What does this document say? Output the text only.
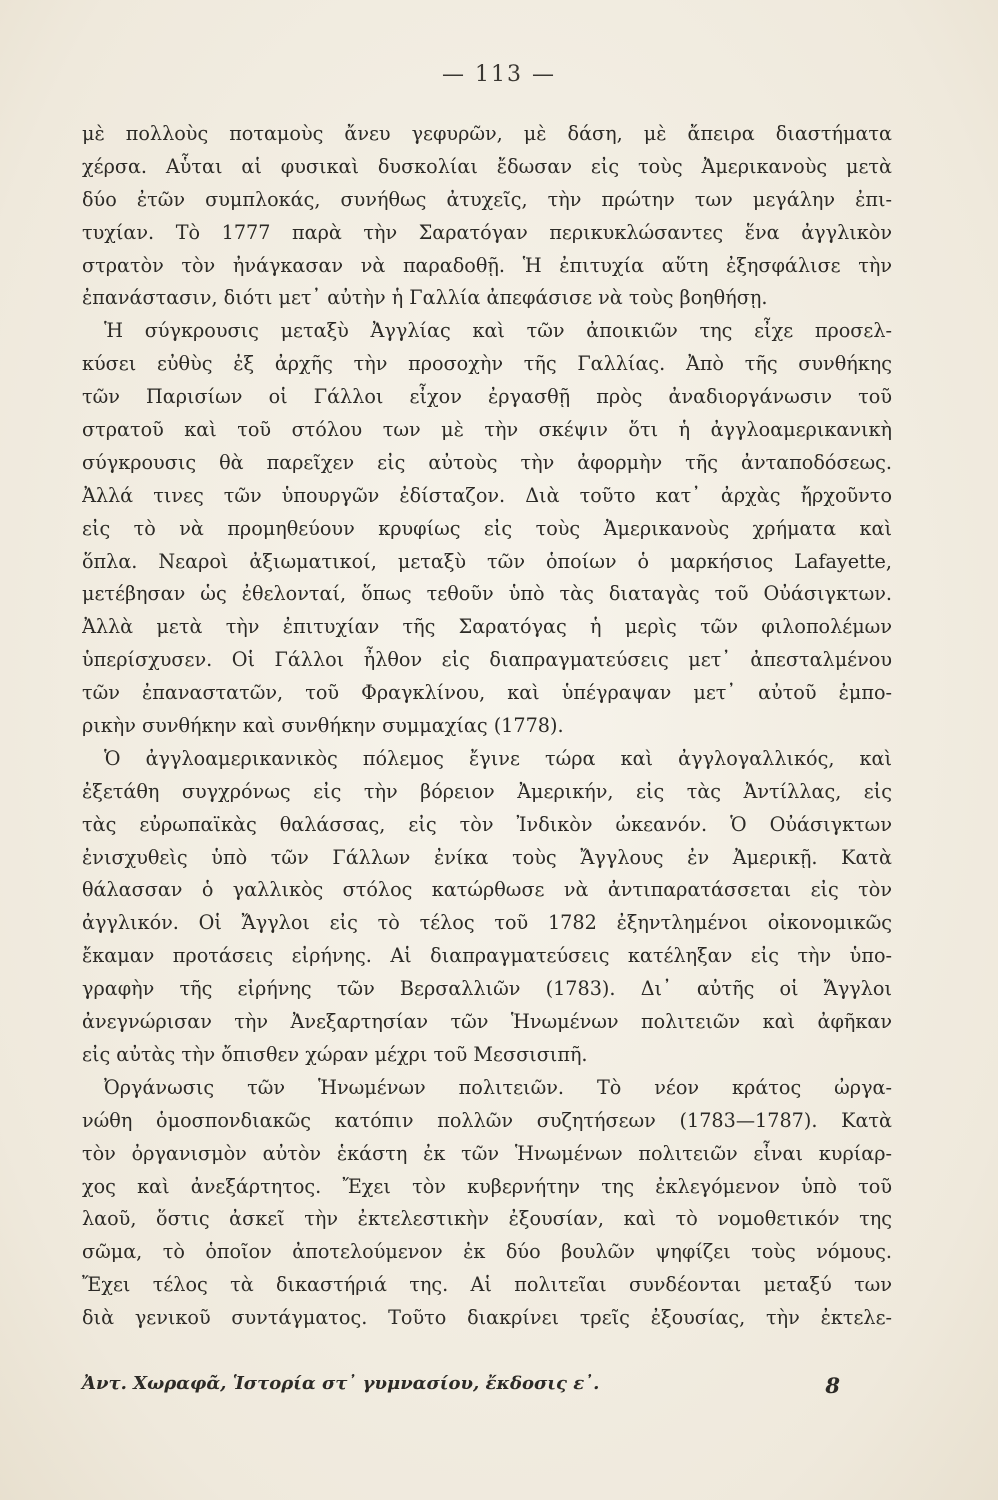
— 113 —
μὲ πολλοὺς ποταμοὺς ἄνευ γεφυρῶν, μὲ δάση, μὲ ἄπειρα διαστήματα
χέρσα. Αὗται αἱ φυσικαὶ δυσκολίαι ἔδωσαν εἰς τοὺς Ἀμερικανοὺς μετὰ
δύο ἐτῶν συμπλοκάς, συνήθως ἀτυχεῖς, τὴν πρώτην των μεγάλην ἐπι-
τυχίαν. Τὸ 1777 παρὰ τὴν Σαρατόγαν περικυκλώσαντες ἕνα ἀγγλικὸν
στρατὸν τὸν ἠνάγκασαν νὰ παραδοθῇ. Ἡ ἐπιτυχία αὕτη ἐξησφάλισε τὴν
ἐπανάστασιν, διότι μετ᾽ αὐτὴν ἡ Γαλλία ἀπεφάσισε νὰ τοὺς βοηθήσῃ.
Ἡ σύγκρουσις μεταξὺ Ἀγγλίας καὶ τῶν ἀποικιῶν της εἶχε προσελ-
κύσει εὐθὺς ἐξ ἀρχῆς τὴν προσοχὴν τῆς Γαλλίας. Ἀπὸ τῆς συνθήκης
τῶν Παρισίων οἱ Γάλλοι εἶχον ἐργασθῇ πρὸς ἀναδιοργάνωσιν τοῦ
στρατοῦ καὶ τοῦ στόλου των μὲ τὴν σκέψιν ὅτι ἡ ἀγγλοαμερικανικὴ
σύγκρουσις θὰ παρεῖχεν εἰς αὐτοὺς τὴν ἀφορμὴν τῆς ἀνταποδόσεως.
Ἀλλά τινες τῶν ὑπουργῶν ἐδίσταζον. Διὰ τοῦτο κατ᾽ ἀρχὰς ἤρχοῦντο
εἰς τὸ νὰ προμηθεύουν κρυφίως εἰς τοὺς Ἀμερικανοὺς χρήματα καὶ
ὅπλα. Νεαροὶ ἀξιωματικοί, μεταξὺ τῶν ὁποίων ὁ μαρκήσιος Lafayette,
μετέβησαν ὡς ἐθελονταί, ὅπως τεθοῦν ὑπὸ τὰς διαταγὰς τοῦ Οὐάσιγκτων.
Ἀλλὰ μετὰ τὴν ἐπιτυχίαν τῆς Σαρατόγας ἡ μερὶς τῶν φιλοπολέμων
ὑπερίσχυσεν. Οἱ Γάλλοι ἦλθον εἰς διαπραγματεύσεις μετ᾽ ἀπεσταλμένου
τῶν ἐπαναστατῶν, τοῦ Φραγκλίνου, καὶ ὑπέγραψαν μετ᾽ αὐτοῦ ἐμπο-
ρικὴν συνθήκην καὶ συνθήκην συμμαχίας (1778).
Ὁ ἀγγλοαμερικανικὸς πόλεμος ἔγινε τώρα καὶ ἀγγλογαλλικός, καὶ
ἐξετάθη συγχρόνως εἰς τὴν βόρειον Ἀμερικήν, εἰς τὰς Ἀντίλλας, εἰς
τὰς εὐρωπαϊκὰς θαλάσσας, εἰς τὸν Ἰνδικὸν ὠκεανόν. Ὁ Οὐάσιγκτων
ἐνισχυθεὶς ὑπὸ τῶν Γάλλων ἐνίκα τοὺς Ἄγγλους ἐν Ἀμερικῇ. Κατὰ
θάλασσαν ὁ γαλλικὸς στόλος κατώρθωσε νὰ ἀντιπαρατάσσεται εἰς τὸν
ἀγγλικόν. Οἱ Ἄγγλοι εἰς τὸ τέλος τοῦ 1782 ἐξηντλημένοι οἰκονομικῶς
ἔκαμαν προτάσεις εἰρήνης. Αἱ διαπραγματεύσεις κατέληξαν εἰς τὴν ὑπο-
γραφὴν τῆς εἰρήνης τῶν Βερσαλλιῶν (1783). Δι᾽ αὐτῆς οἱ Ἄγγλοι
ἀνεγνώρισαν τὴν Ἀνεξαρτησίαν τῶν Ἡνωμένων πολιτειῶν καὶ ἀφῆκαν
εἰς αὐτὰς τὴν ὄπισθεν χώραν μέχρι τοῦ Μεσσισιπῆ.
Ὀργάνωσις τῶν Ἡνωμένων πολιτειῶν. Τὸ νέον κράτος ὠργα-
νώθη ὁμοσπονδιακῶς κατόπιν πολλῶν συζητήσεων (1783—1787). Κατὰ
τὸν ὀργανισμὸν αὐτὸν ἑκάστη ἐκ τῶν Ἡνωμένων πολιτειῶν εἶναι κυρίαρ-
χος καὶ ἀνεξάρτητος. Ἔχει τὸν κυβερνήτην της ἐκλεγόμενον ὑπὸ τοῦ
λαοῦ, ὅστις ἀσκεῖ τὴν ἐκτελεστικὴν ἐξουσίαν, καὶ τὸ νομοθετικόν της
σῶμα, τὸ ὁποῖον ἀποτελούμενον ἐκ δύο βουλῶν ψηφίζει τοὺς νόμους.
Ἔχει τέλος τὰ δικαστήριά της. Αἱ πολιτεῖαι συνδέονται μεταξύ των
διὰ γενικοῦ συντάγματος. Τοῦτο διακρίνει τρεῖς ἐξουσίας, τὴν ἐκτελε-
Ἀντ. Χωραφᾶ, Ἱστορία στ᾽ γυμνασίου, ἔκδοσις ε᾽.	8
